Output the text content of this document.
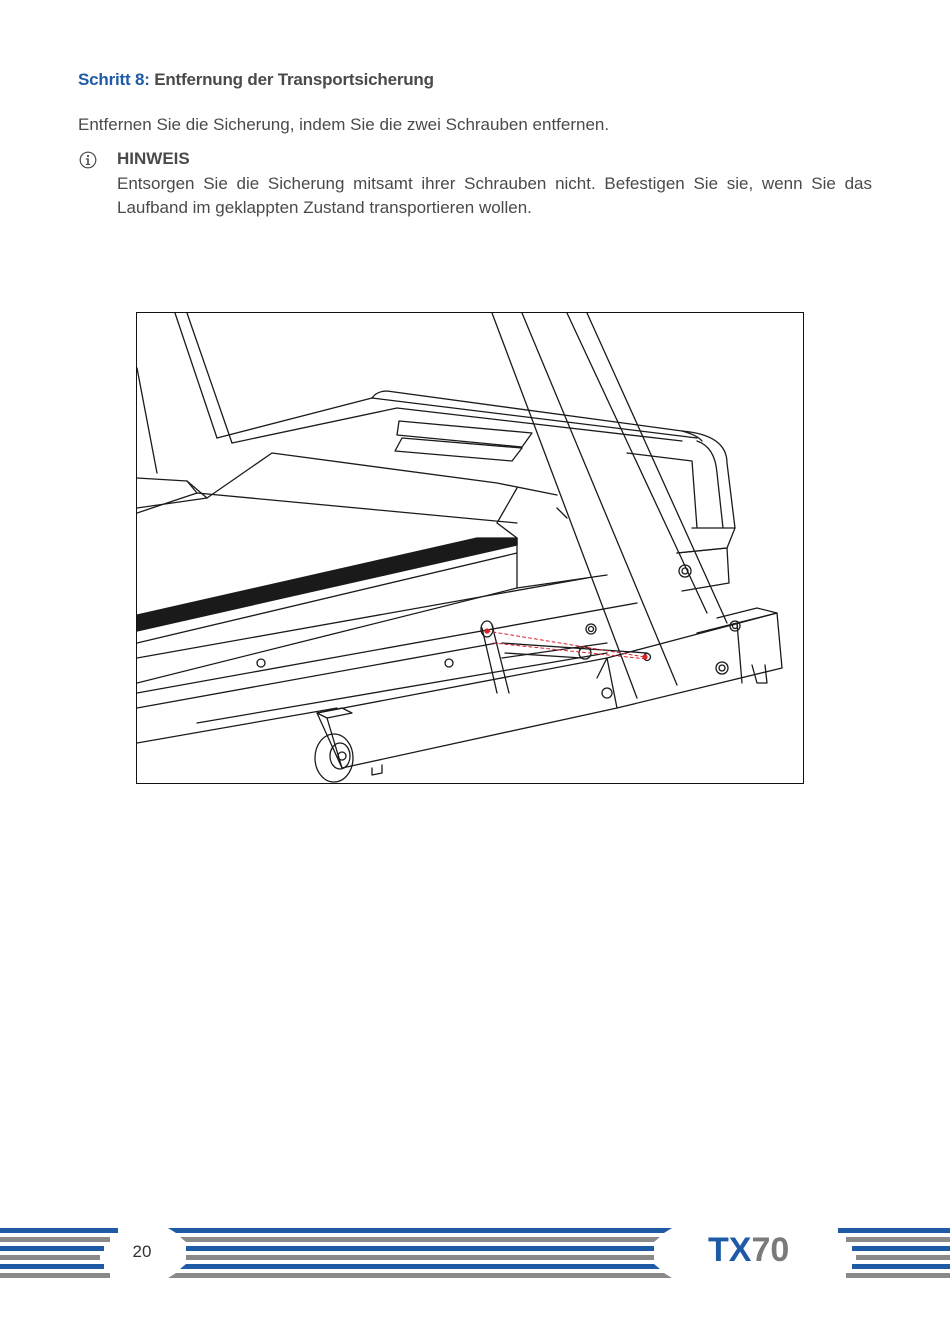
Schritt 8: Entfernung der Transportsicherung
Entfernen Sie die Sicherung, indem Sie die zwei Schrauben entfernen.
HINWEIS
Entsorgen Sie die Sicherung mitsamt ihrer Schrauben nicht. Befestigen Sie sie, wenn Sie das Laufband im geklappten Zustand transportieren wollen.
20	TX70
